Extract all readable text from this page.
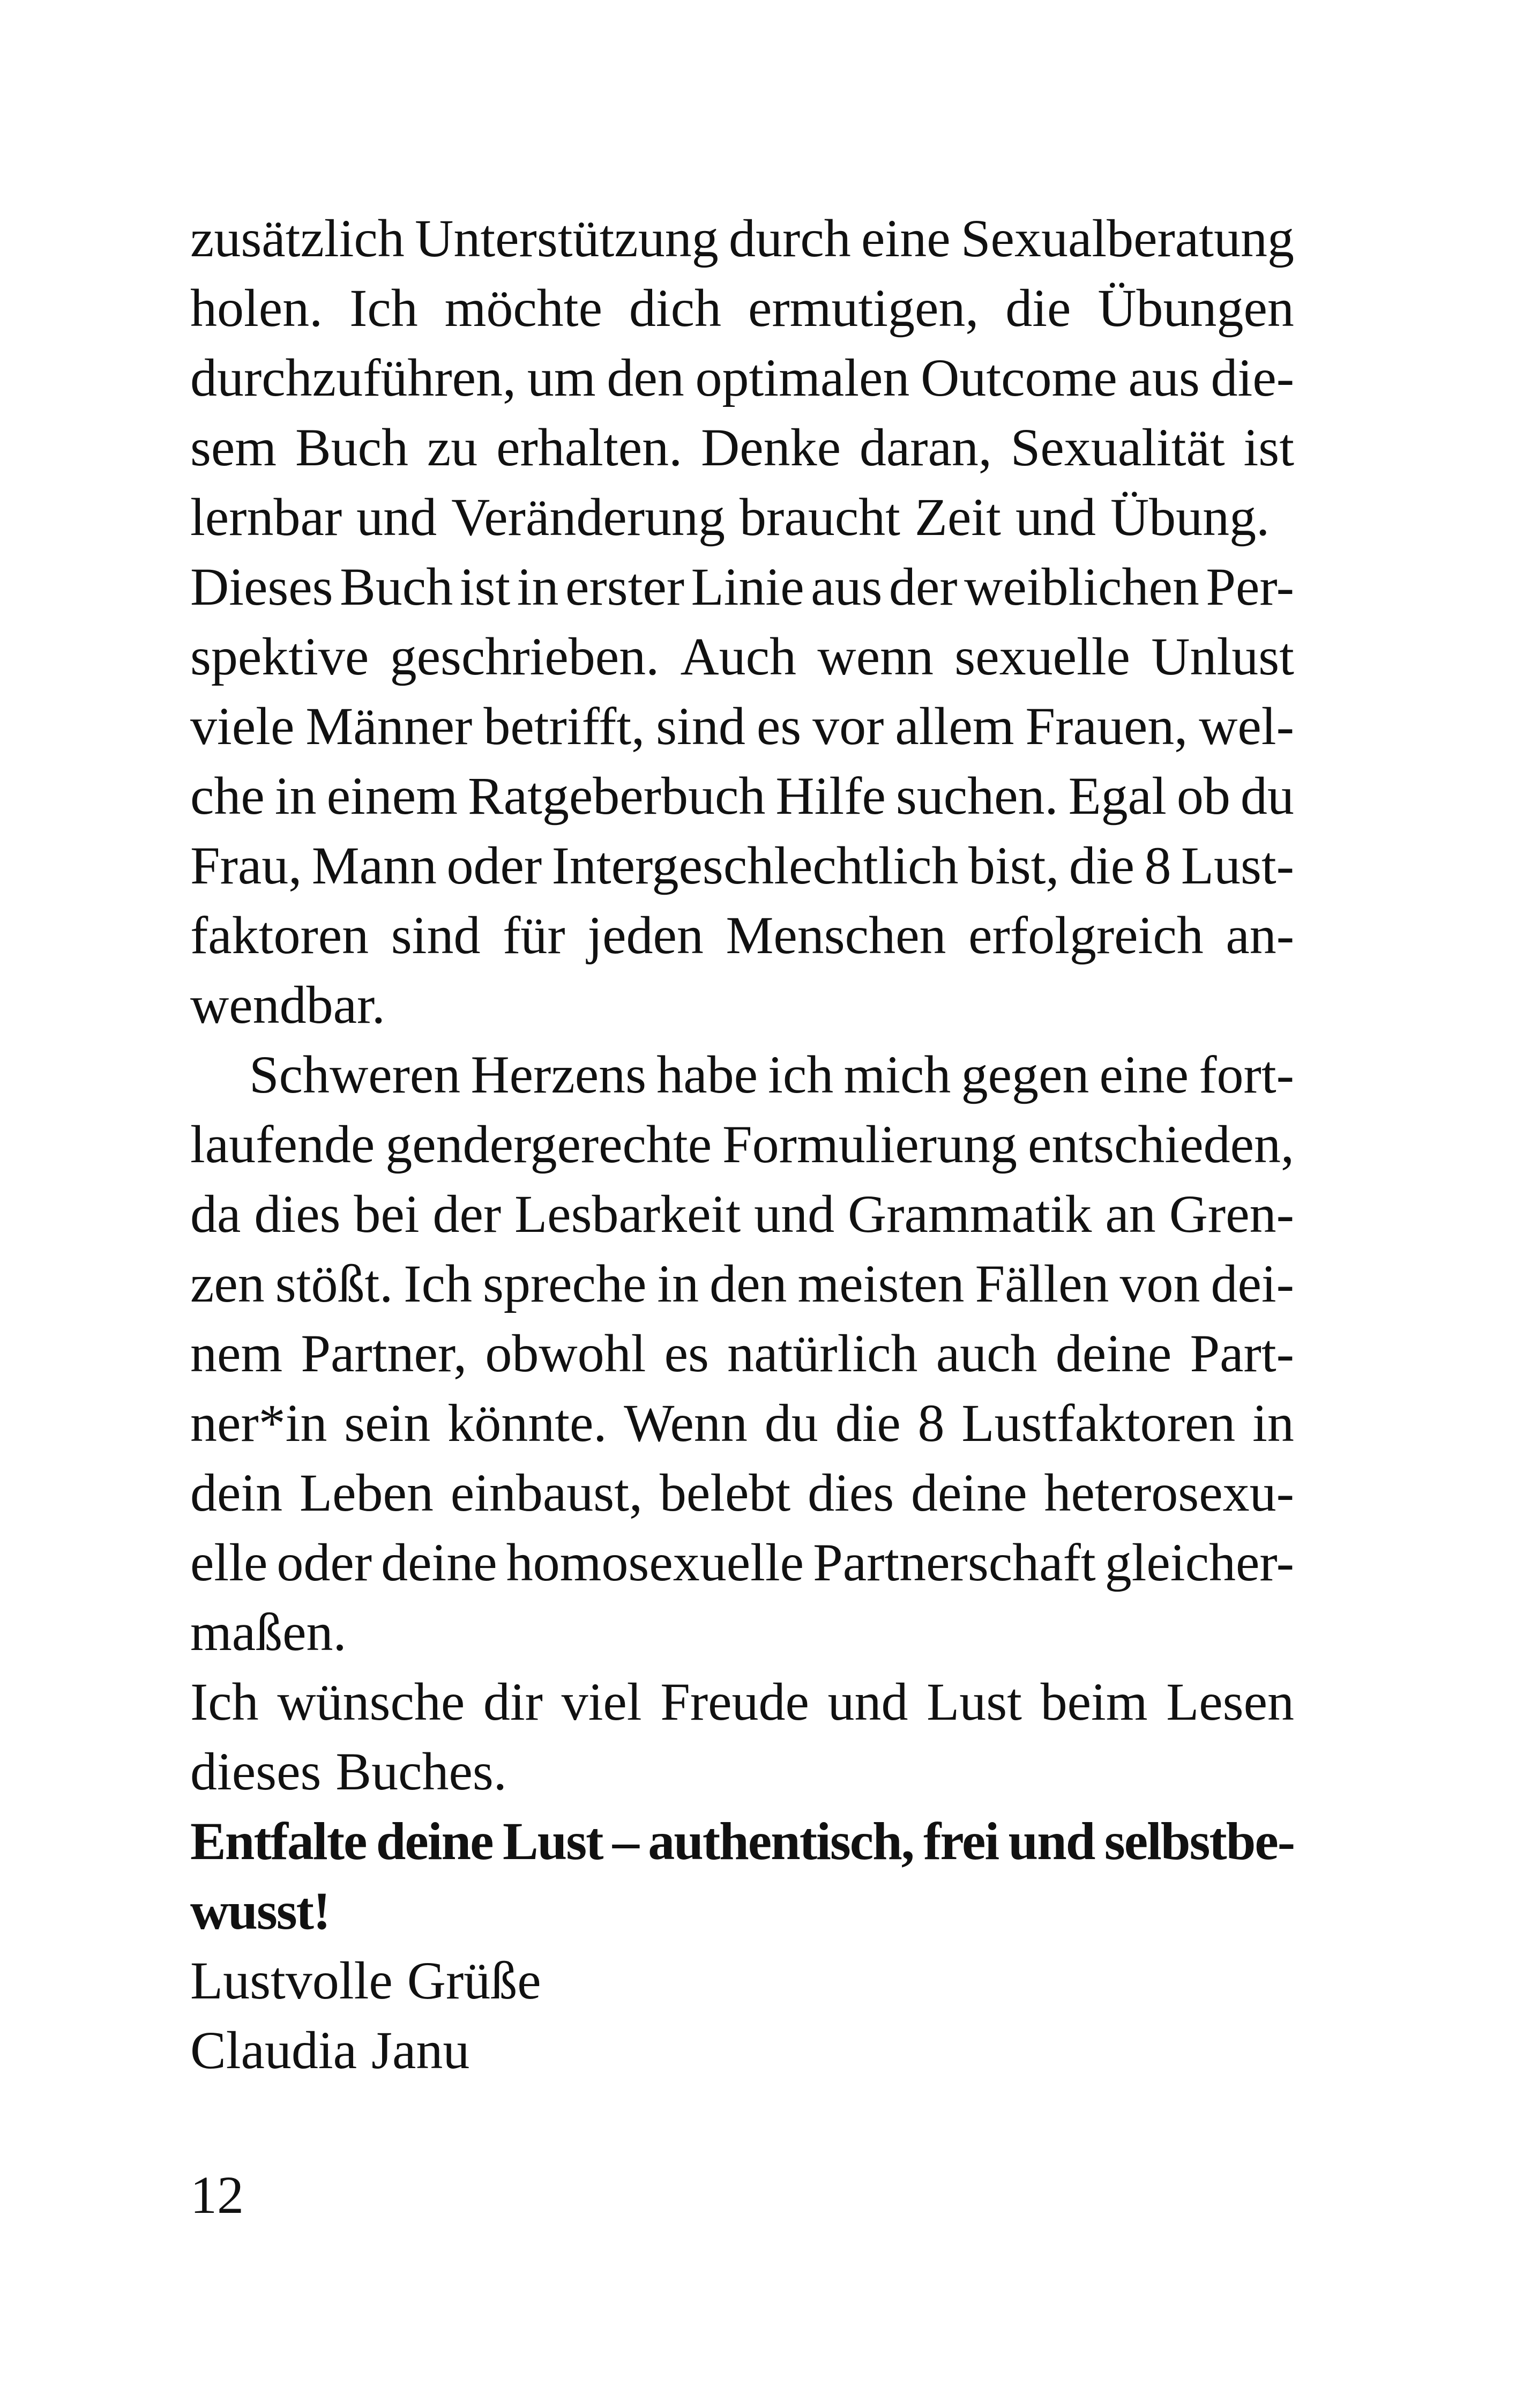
zusätzlich Unterstützung durch eine Sexualberatung
holen. Ich möchte dich ermutigen, die Übungen
durchzuführen, um den optimalen Outcome aus die-
sem Buch zu erhalten. Denke daran, Sexualität ist
lernbar und Veränderung braucht Zeit und Übung.
Dieses Buch ist in erster Linie aus der weiblichen Per-
spektive geschrieben. Auch wenn sexuelle Unlust
viele Männer betrifft, sind es vor allem Frauen, wel-
che in einem Ratgeberbuch Hilfe suchen. Egal ob du
Frau, Mann oder Intergeschlechtlich bist, die 8 Lust-
faktoren sind für jeden Menschen erfolgreich an-
wendbar.
Schweren Herzens habe ich mich gegen eine fort-
laufende gendergerechte Formulierung entschieden,
da dies bei der Lesbarkeit und Grammatik an Gren-
zen stößt. Ich spreche in den meisten Fällen von dei-
nem Partner, obwohl es natürlich auch deine Part-
ner*in sein könnte. Wenn du die 8 Lustfaktoren in
dein Leben einbaust, belebt dies deine heterosexu-
elle oder deine homosexuelle Partnerschaft gleicher-
maßen.
Ich wünsche dir viel Freude und Lust beim Lesen
dieses Buches.
Entfalte deine Lust – authentisch, frei und selbstbe-
wusst!
Lustvolle Grüße
Claudia Janu
12
